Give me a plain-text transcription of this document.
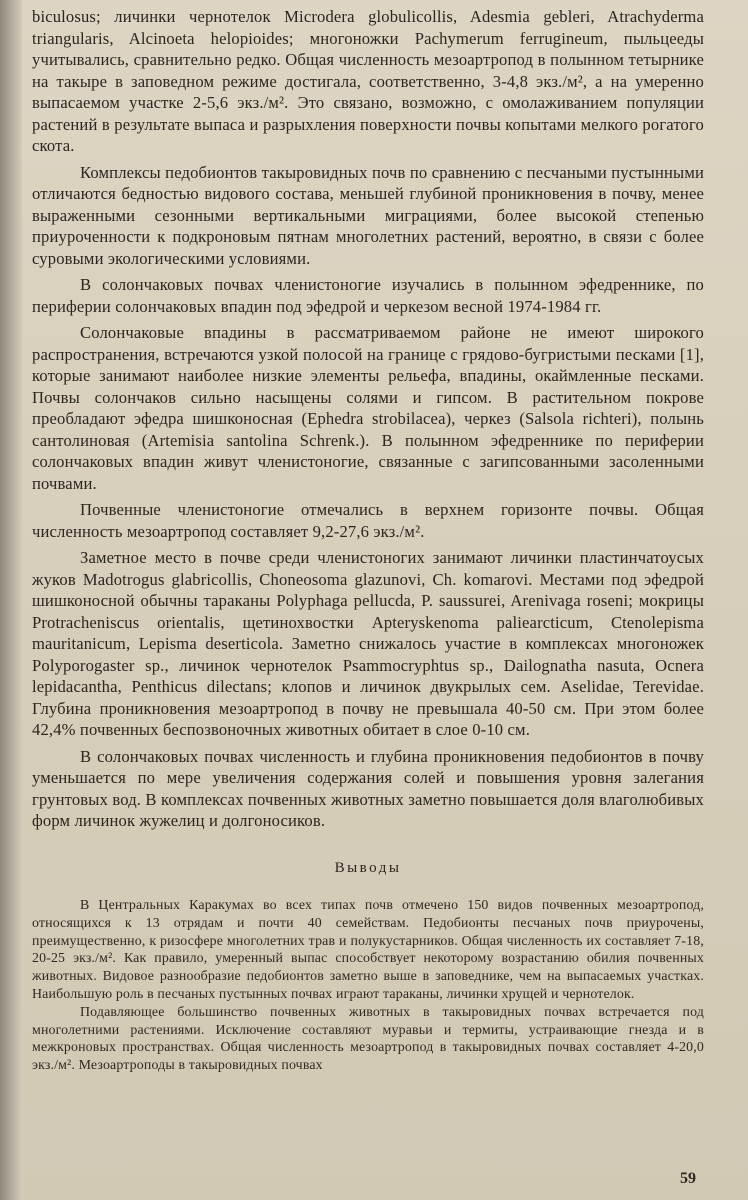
biculosus; личинки чернотелок Microdera globulicollis, Adesmia gebleri, Atrachyderma triangularis, Alcinoeta helopioides; многоножки Pachymerum ferrugineum, пыльцееды учитывались, сравнительно редко. Общая численность мезоартропод в полынном тетырнике на такыре в заповедном режиме достигала, соответственно, 3-4,8 экз./м², а на умеренно выпасаемом участке 2-5,6 экз./м². Это связано, возможно, с омолаживанием популяции растений в результате выпаса и разрыхления поверхности почвы копытами мелкого рогатого скота.

Комплексы педобионтов такыровидных почв по сравнению с песчаными пустынными отличаются бедностью видового состава, меньшей глубиной проникновения в почву, менее выраженными сезонными вертикальными миграциями, более высокой степенью приуроченности к подкроновым пятнам многолетних растений, вероятно, в связи с более суровыми экологическими условиями.

В солончаковых почвах членистоногие изучались в полынном эфедреннике, по периферии солончаковых впадин под эфедрой и черкезом весной 1974-1984 гг.

Солончаковые впадины в рассматриваемом районе не имеют широкого распространения, встречаются узкой полосой на границе с грядово-бугристыми песками [1], которые занимают наиболее низкие элементы рельефа, впадины, окаймленные песками. Почвы солончаков сильно насыщены солями и гипсом. В растительном покрове преобладают эфедра шишконосная (Ephedra strobilacea), черкез (Salsola richteri), полынь сантолиновая (Artemisia santolina Schrenk.). В полынном эфедреннике по периферии солончаковых впадин живут членистоногие, связанные с загипсованными засоленными почвами.

Почвенные членистоногие отмечались в верхнем горизонте почвы. Общая численность мезоартропод составляет 9,2-27,6 экз./м².

Заметное место в почве среди членистоногих занимают личинки пластинчатоусых жуков Madotrogus glabricollis, Choneosoma glazunovi, Ch. komarovi. Местами под эфедрой шишконосной обычны тараканы Polyphaga pellucda, P. saussurei, Arenivaga roseni; мокрицы Protracheniscus orientalis, щетинохвостки Apteryskenoma paliearcticum, Ctenolepisma mauritanicum, Lepisma deserticola. Заметно снижалось участие в комплексах многоножек Polyporogaster sp., личинок чернотелок Psammocryphtus sp., Dailognatha nasuta, Ocnera lepidacantha, Penthicus dilectans; клопов и личинок двукрылых сем. Aselidae, Terevidae. Глубина проникновения мезоартропод в почву не превышала 40-50 см. При этом более 42,4% почвенных беспозвоночных животных обитает в слое 0-10 см.

В солончаковых почвах численность и глубина проникновения педобионтов в почву уменьшается по мере увеличения содержания солей и повышения уровня залегания грунтовых вод. В комплексах почвенных животных заметно повышается доля влаголюбивых форм личинок жужелиц и долгоносиков.

Выводы

В Центральных Каракумах во всех типах почв отмечено 150 видов почвенных мезоартропод, относящихся к 13 отрядам и почти 40 семействам. Педобионты песчаных почв приурочены, преимущественно, к ризосфере многолетних трав и полукустарников. Общая численность их составляет 7-18, 20-25 экз./м². Как правило, умеренный выпас способствует некоторому возрастанию обилия почвенных животных. Видовое разнообразие педобионтов заметно выше в заповеднике, чем на выпасаемых участках. Наибольшую роль в песчаных пустынных почвах играют тараканы, личинки хрущей и чернотелок.

Подавляющее большинство почвенных животных в такыровидных почвах встречается под многолетними растениями. Исключение составляют муравьи и термиты, устраивающие гнезда и в межкроновых пространствах. Общая численность мезоартропод в такыровидных почвах составляет 4-20,0 экз./м². Мезоартроподы в такыровидных почвах

59
